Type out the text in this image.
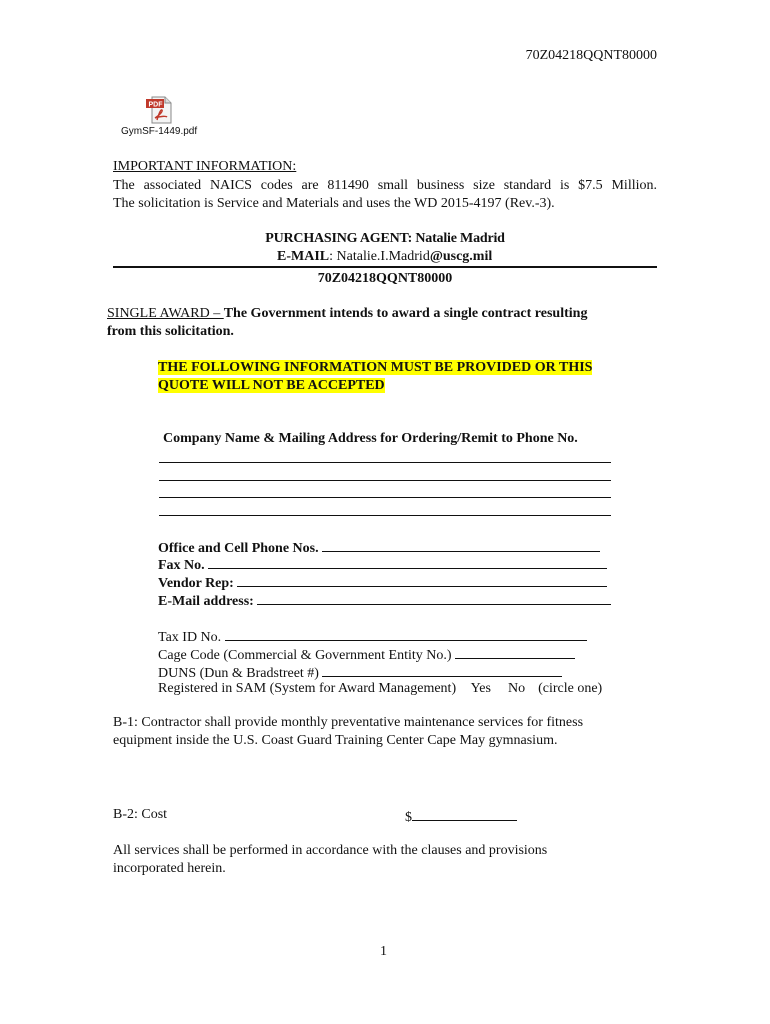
70Z04218QQNT80000
PDF
GymSF-1449.pdf
IMPORTANT INFORMATION:
The associated NAICS codes are 811490 small business size standard is $7.5 Million.
The solicitation is Service and Materials and uses the WD 2015-4197 (Rev.-3).
PURCHASING AGENT: Natalie Madrid
E-MAIL: Natalie.I.Madrid@uscg.mil
70Z04218QQNT80000
SINGLE AWARD – The Government intends to award a single contract resulting
from this solicitation.
THE FOLLOWING INFORMATION MUST BE PROVIDED OR THIS
QUOTE WILL NOT BE ACCEPTED
Company Name & Mailing Address for Ordering/Remit to Phone No.
Office and Cell Phone Nos.
Fax No.
Vendor Rep:
E-Mail address:
Tax ID No.
Cage Code (Commercial & Government Entity No.)
DUNS (Dun & Bradstreet #)
Registered in SAM (System for Award Management) Yes No (circle one)
B-1: Contractor shall provide monthly preventative maintenance services for fitness
equipment inside the U.S. Coast Guard Training Center Cape May gymnasium.
B-2: Cost	$
All services shall be performed in accordance with the clauses and provisions
incorporated herein.
1
